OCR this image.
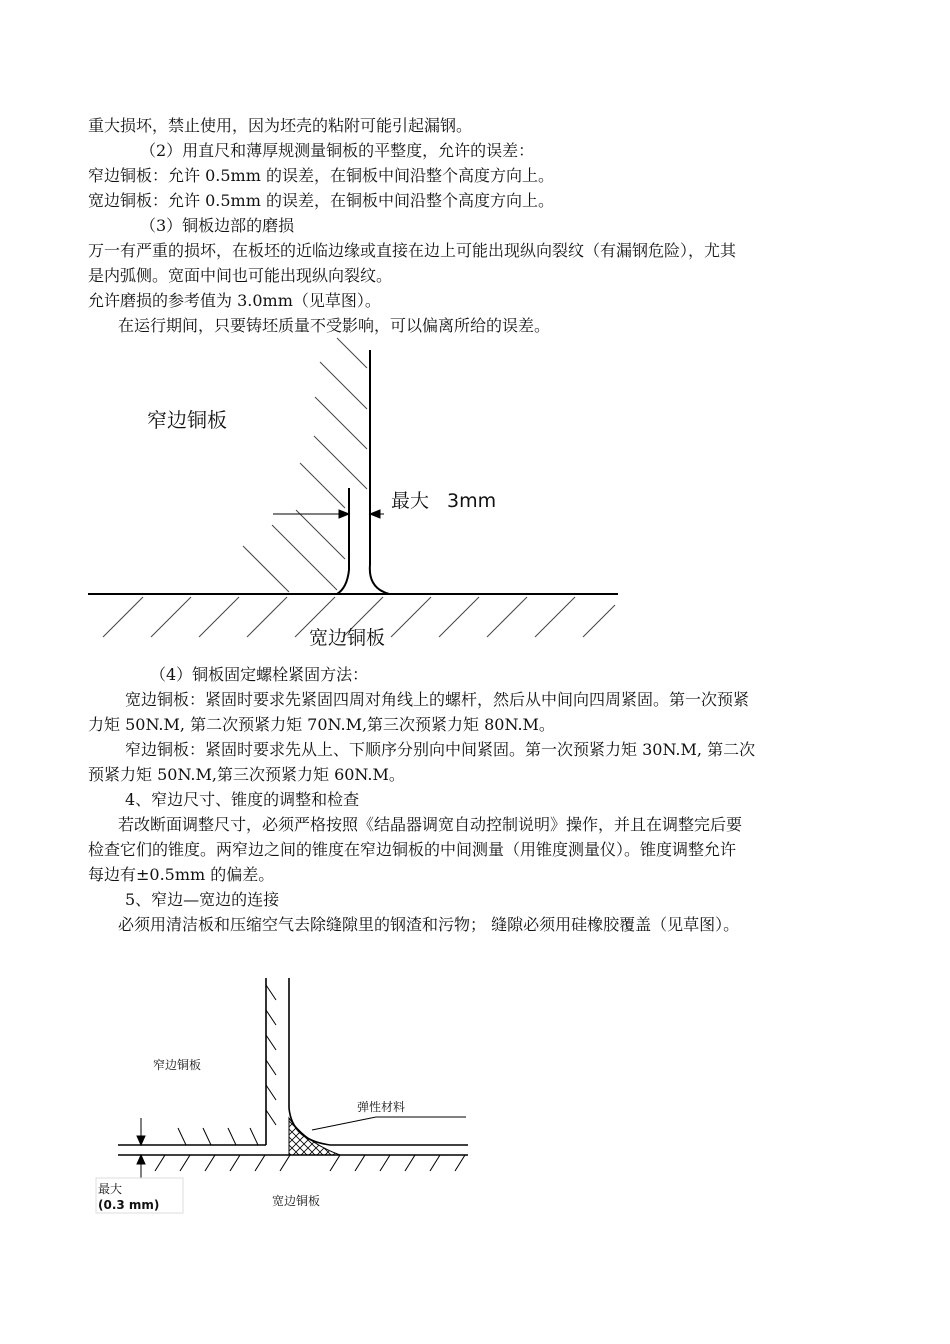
重大损坏，禁止使用，因为坯壳的粘附可能引起漏钢。
（2）用直尺和薄厚规测量铜板的平整度，允许的误差：
窄边铜板：允许 0.5mm 的误差，在铜板中间沿整个高度方向上。
宽边铜板：允许 0.5mm 的误差，在铜板中间沿整个高度方向上。
（3）铜板边部的磨损
万一有严重的损坏，在板坯的近临边缘或直接在边上可能出现纵向裂纹（有漏钢危险），尤其
是内弧侧。宽面中间也可能出现纵向裂纹。
允许磨损的参考值为 3.0mm（见草图）。
在运行期间，只要铸坯质量不受影响，可以偏离所给的误差。
窄边铜板
最大 3mm
宽边铜板
（4）铜板固定螺栓紧固方法：
宽边铜板：紧固时要求先紧固四周对角线上的螺杆，然后从中间向四周紧固。第一次预紧
力矩 50N.M, 第二次预紧力矩 70N.M,第三次预紧力矩 80N.M。
窄边铜板：紧固时要求先从上、下顺序分别向中间紧固。第一次预紧力矩 30N.M, 第二次
预紧力矩 50N.M,第三次预紧力矩 60N.M。
4、窄边尺寸、锥度的调整和检查
若改断面调整尺寸，必须严格按照《结晶器调宽自动控制说明》操作，并且在调整完后要
检查它们的锥度。两窄边之间的锥度在窄边铜板的中间测量（用锥度测量仪）。锥度调整允许
每边有±0.5mm 的偏差。
5、窄边—宽边的连接
必须用清洁板和压缩空气去除缝隙里的钢渣和污物； 缝隙必须用硅橡胶覆盖（见草图）。
窄边铜板
弹性材料
宽边铜板
最大
(0.3 mm)
